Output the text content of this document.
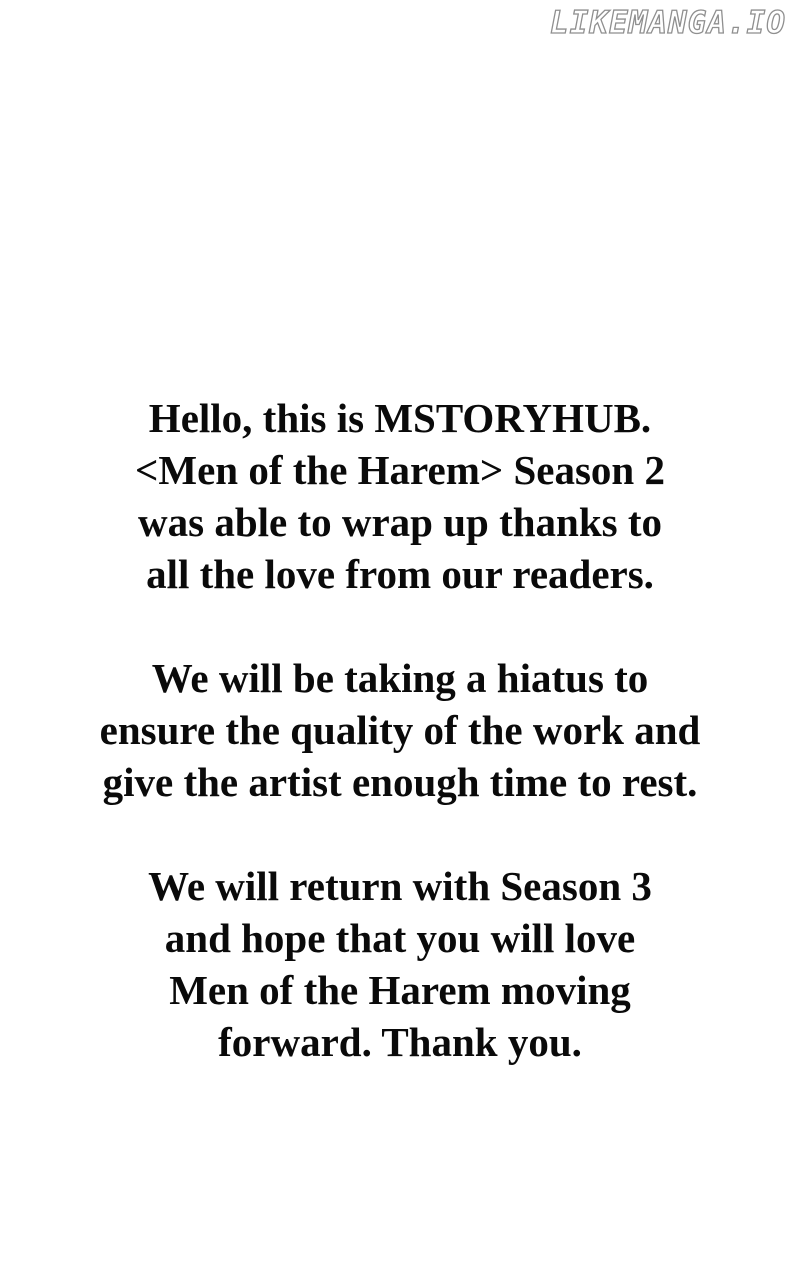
LIKEMANGA.IO

Hello, this is MSTORYHUB.
<Men of the Harem> Season 2
was able to wrap up thanks to
all the love from our readers.

We will be taking a hiatus to
ensure the quality of the work and
give the artist enough time to rest.

We will return with Season 3
and hope that you will love
Men of the Harem moving
forward. Thank you.
